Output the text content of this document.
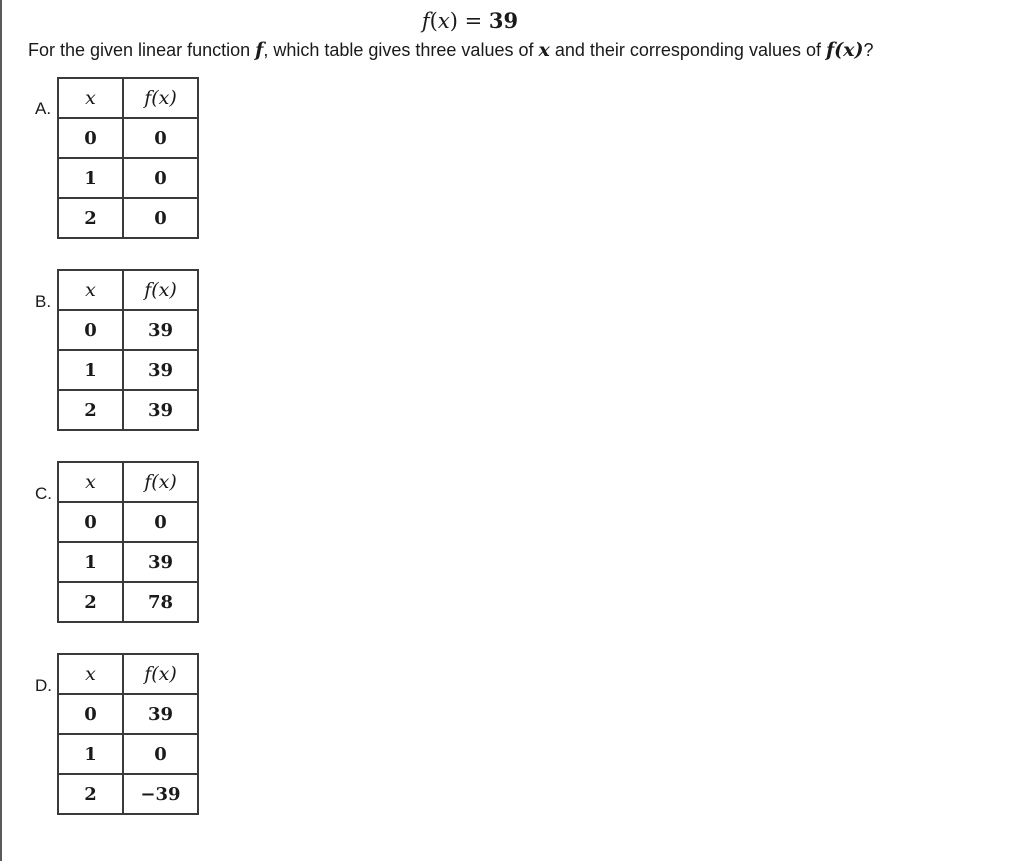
f(x) = 39
For the given linear function f, which table gives three values of x and their corresponding values of f(x)?
A. x	f(x)
0	0
1	0
2	0
B.
x	f(x)
0	39
1	39
2	39
C.
x	f(x)
0	0
1	39
2	78
D.
x	f(x)
0	39
1	0
2	−39
